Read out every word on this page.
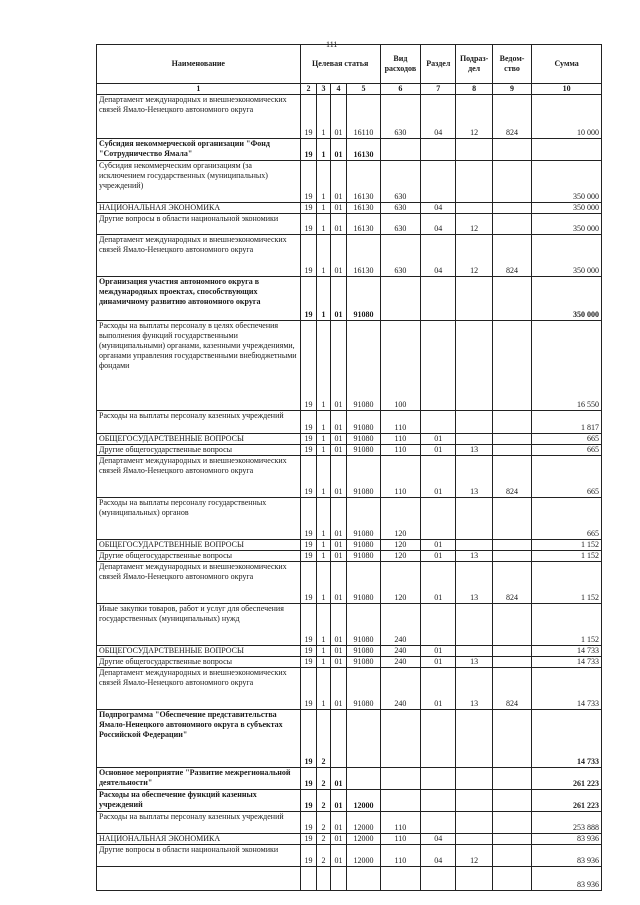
111
Наименование	Целевая статья				Вид расходов	Раздел	Подраз-дел	Ведом-ство	Сумма
1	2	3	4	5	6	7	8	9	10
Департамент международных и внешнеэкономических связей Ямало-Ненецкого автономного округа	19	1	01	16110	630	04	12	824	10 000
Субсидия некоммерческой организации "Фонд "Сотрудничество Ямала"	19	1	01	16130					
Субсидия некоммерческим организациям (за исключением государственных (муниципальных) учреждений)	19	1	01	16130	630				350 000
НАЦИОНАЛЬНАЯ ЭКОНОМИКА	19	1	01	16130	630	04			350 000
Другие вопросы в области национальной экономики	19	1	01	16130	630	04	12		350 000
Департамент международных и внешнеэкономических связей Ямало-Ненецкого автономного округа	19	1	01	16130	630	04	12	824	350 000
Организация участия автономного округа в международных проектах, способствующих динамичному развитию автономного округа	19	1	01	91080					350 000
Расходы на выплаты персоналу в целях обеспечения выполнения функций государственными (муниципальными) органами, казенными учреждениями, органами управления государственными внебюджетными фондами	19	1	01	91080	100				16 550
Расходы на выплаты персоналу казенных учреждений	19	1	01	91080	110				1 817
ОБЩЕГОСУДАРСТВЕННЫЕ ВОПРОСЫ	19	1	01	91080	110	01			665
Другие общегосударственные вопросы	19	1	01	91080	110	01	13		665
Департамент международных и внешнеэкономических связей Ямало-Ненецкого автономного округа	19	1	01	91080	110	01	13	824	665
Расходы на выплаты персоналу государственных (муниципальных) органов	19	1	01	91080	120				665
ОБЩЕГОСУДАРСТВЕННЫЕ ВОПРОСЫ	19	1	01	91080	120	01			1 152
Другие общегосударственные вопросы	19	1	01	91080	120	01	13		1 152
Департамент международных и внешнеэкономических связей Ямало-Ненецкого автономного округа	19	1	01	91080	120	01	13	824	1 152
Иные закупки товаров, работ и услуг для обеспечения государственных (муниципальных) нужд	19	1	01	91080	240				1 152
ОБЩЕГОСУДАРСТВЕННЫЕ ВОПРОСЫ	19	1	01	91080	240	01			14 733
Другие общегосударственные вопросы	19	1	01	91080	240	01	13		14 733
Департамент международных и внешнеэкономических связей Ямало-Ненецкого автономного округа	19	1	01	91080	240	01	13	824	14 733
Подпрограмма "Обеспечение представительства Ямало-Ненецкого автономного округа в субъектах Российской Федерации"	19	2							14 733
Основное мероприятие "Развитие межрегиональной деятельности"	19	2	01						261 223
Расходы на обеспечение функций казенных учреждений	19	2	01	12000					261 223
Расходы на выплаты персоналу казенных учреждений	19	2	01	12000	110				253 888
НАЦИОНАЛЬНАЯ ЭКОНОМИКА	19	2	01	12000	110	04			83 936
Другие вопросы в области национальной экономики	19	2	01	12000	110	04	12		83 936
									83 936
